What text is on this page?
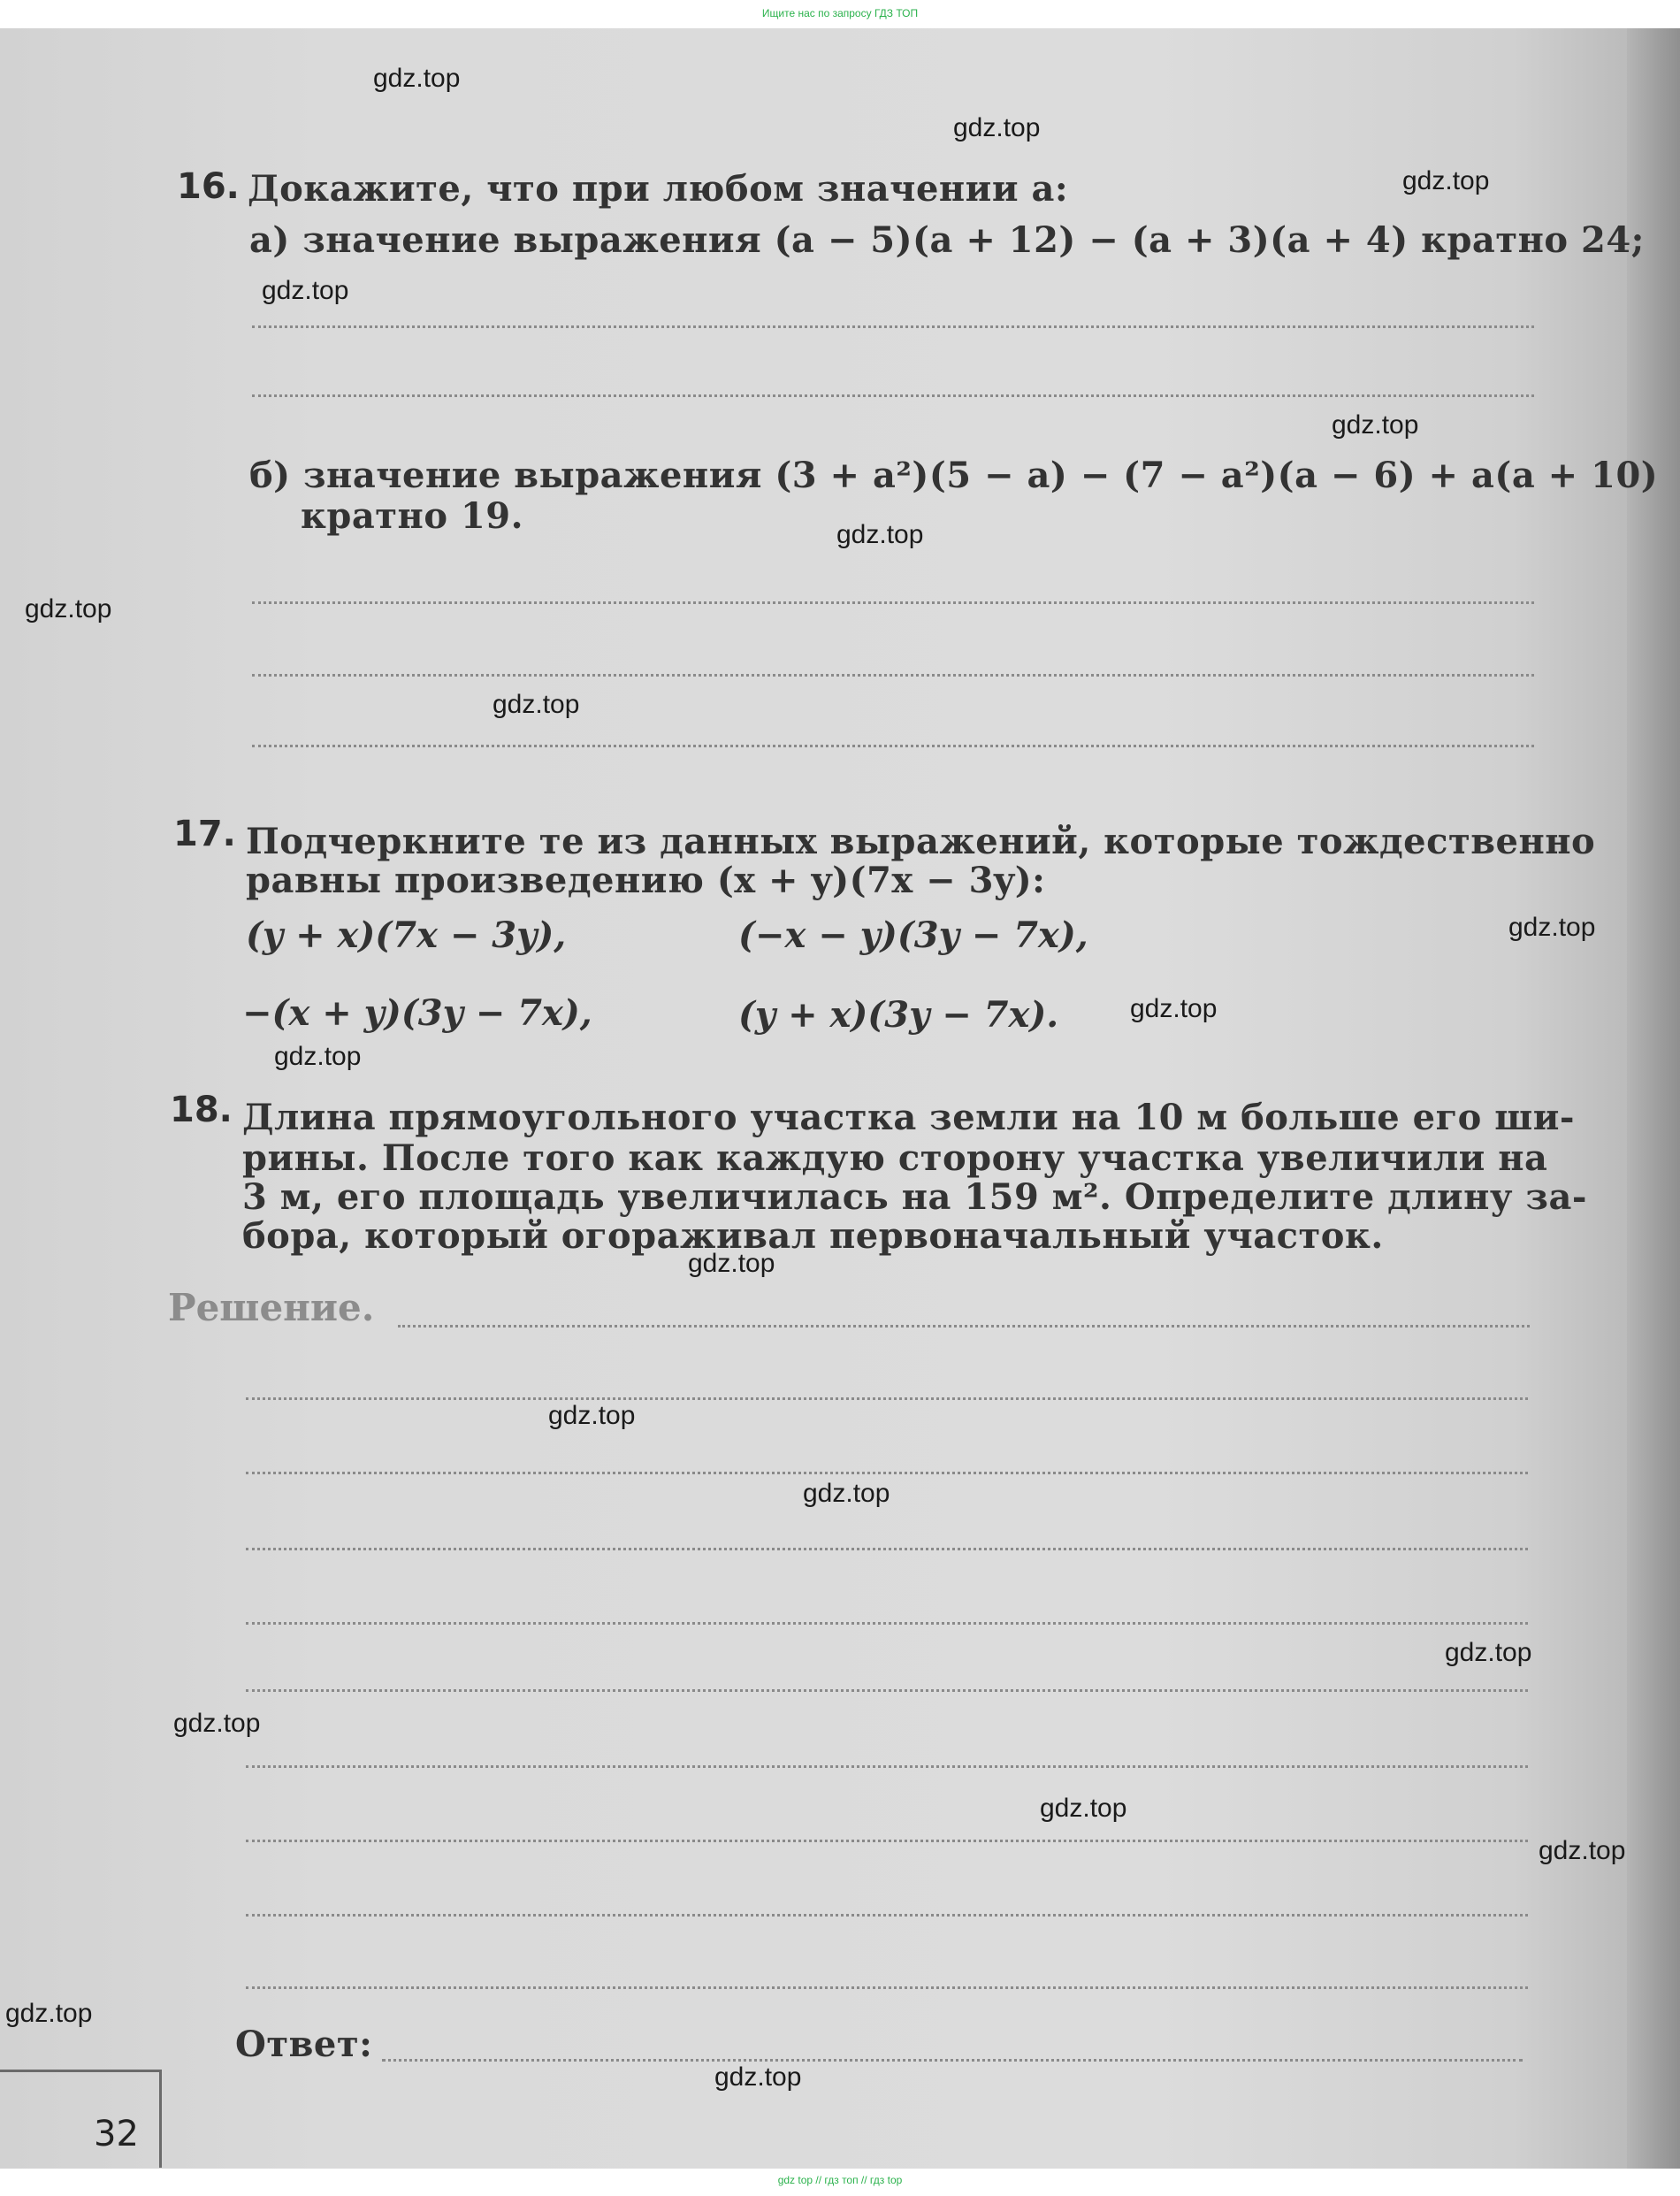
Ищите нас по запросу ГДЗ ТОП
16. Докажите, что при любом значении a:
а) значение выражения (a − 5)(a + 12) − (a + 3)(a + 4) кратно 24;
б) значение выражения (3 + a²)(5 − a) − (7 − a²)(a − 6) + a(a + 10)
кратно 19.
17. Подчеркните те из данных выражений, которые тождественно
равны произведению (x + y)(7x − 3y):
(y + x)(7x − 3y),	(−x − y)(3y − 7x),
−(x + y)(3y − 7x),	(y + x)(3y − 7x).
18. Длина прямоугольного участка земли на 10 м больше его ши-
рины. После того как каждую сторону участка увеличили на
3 м, его площадь увеличилась на 159 м². Определите длину за-
бора, который огораживал первоначальный участок.
Решение.
Ответ:
32
gdz.top
gdz.top
gdz.top
gdz.top
gdz.top
gdz.top
gdz.top
gdz.top
gdz.top
gdz.top
gdz.top
gdz.top
gdz.top
gdz.top
gdz.top
gdz.top
gdz.top
gdz.top
gdz.top
gdz.top
gdz top // гдз топ // гдз top
